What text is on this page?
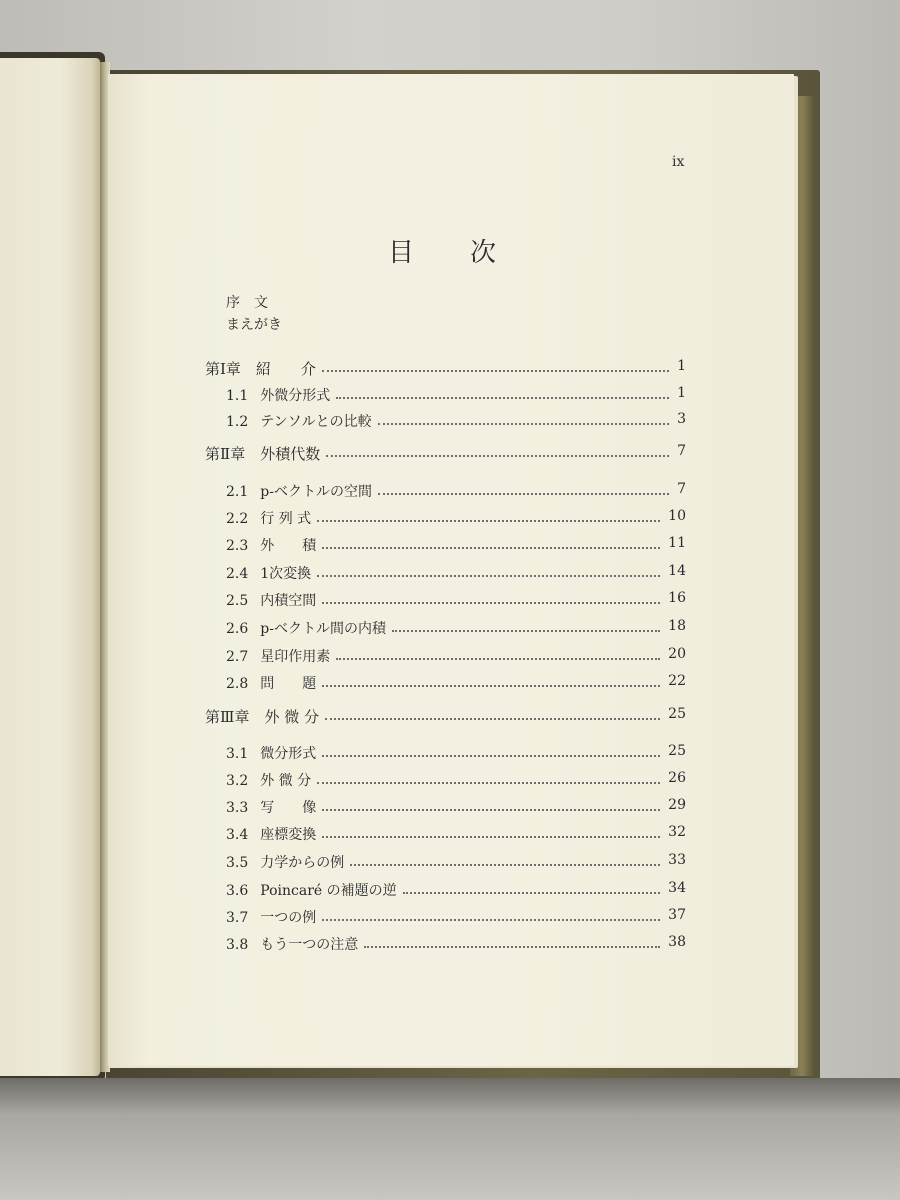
ix
目 次
序　文
まえがき
第Ⅰ章　紹　　介	1
1.1 外微分形式	1
1.2 テンソルとの比較	3
第Ⅱ章　外積代数	7
2.1 p-ベクトルの空間	7
2.2 行 列 式	10
2.3 外　　積	11
2.4 1次変換	14
2.5 内積空間	16
2.6 p-ベクトル間の内積	18
2.7 星印作用素	20
2.8 問　　題	22
第Ⅲ章　外 微 分	25
3.1 微分形式	25
3.2 外 微 分	26
3.3 写　　像	29
3.4 座標変換	32
3.5 力学からの例	33
3.6 Poincaré の補題の逆	34
3.7 一つの例	37
3.8 もう一つの注意	38
